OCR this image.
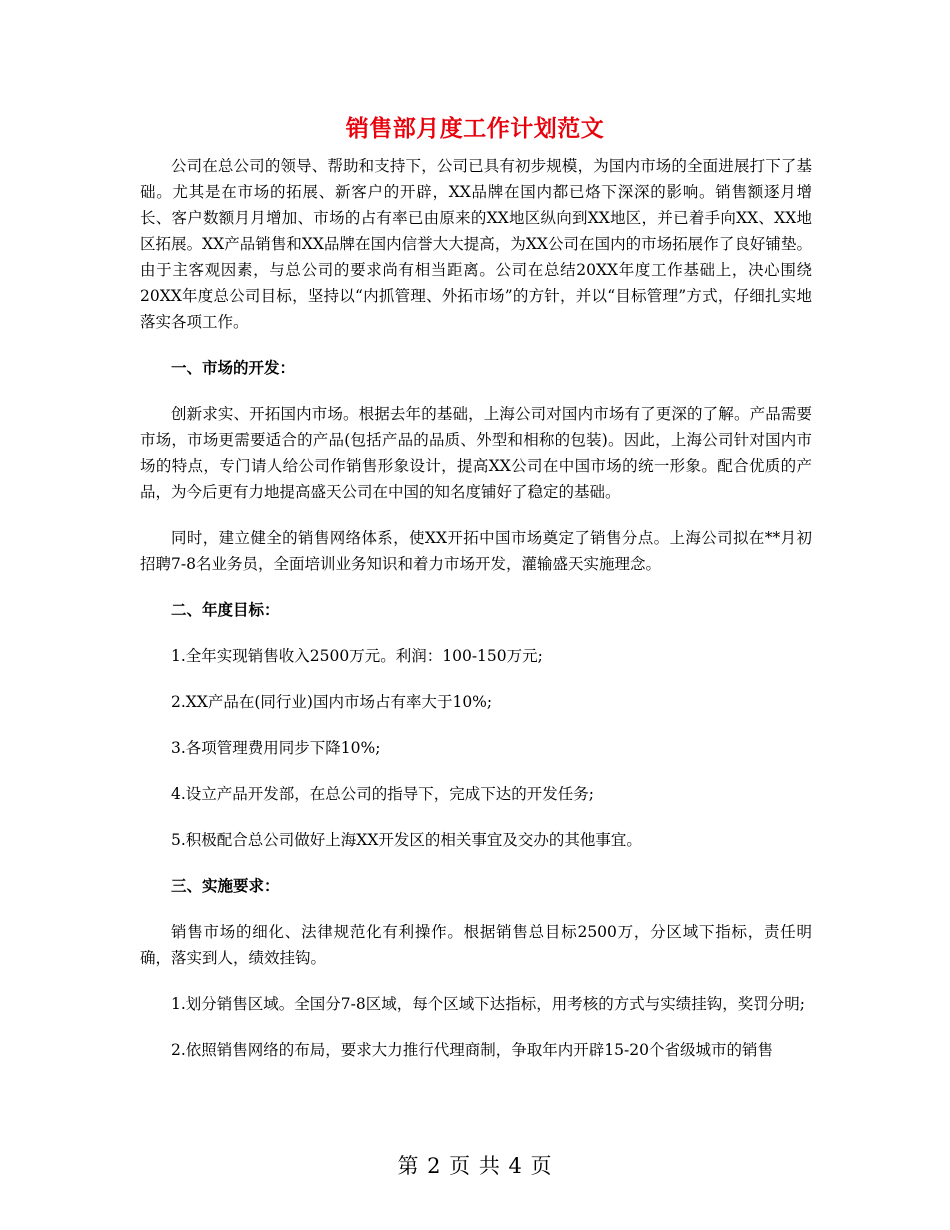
销售部月度工作计划范文

公司在总公司的领导、帮助和支持下，公司已具有初步规模，为国内市场的全面进展打下了基础。尤其是在市场的拓展、新客户的开辟，XX品牌在国内都已烙下深深的影响。销售额逐月增长、客户数额月月增加、市场的占有率已由原来的XX地区纵向到XX地区，并已着手向XX、XX地区拓展。XX产品销售和XX品牌在国内信誉大大提高，为XX公司在国内的市场拓展作了良好铺垫。由于主客观因素，与总公司的要求尚有相当距离。公司在总结20XX年度工作基础上，决心围绕20XX年度总公司目标，坚持以“内抓管理、外拓市场”的方针，并以“目标管理”方式，仔细扎实地落实各项工作。

一、市场的开发：

创新求实、开拓国内市场。根据去年的基础，上海公司对国内市场有了更深的了解。产品需要市场，市场更需要适合的产品(包括产品的品质、外型和相称的包装)。因此，上海公司针对国内市场的特点，专门请人给公司作销售形象设计，提高XX公司在中国市场的统一形象。配合优质的产品，为今后更有力地提高盛天公司在中国的知名度铺好了稳定的基础。

同时，建立健全的销售网络体系，使XX开拓中国市场奠定了销售分点。上海公司拟在**月初招聘7-8名业务员，全面培训业务知识和着力市场开发，灌输盛天实施理念。

二、年度目标：

1.全年实现销售收入2500万元。利润：100-150万元;

2.XX产品在(同行业)国内市场占有率大于10%;

3.各项管理费用同步下降10%;

4.设立产品开发部，在总公司的指导下，完成下达的开发任务;

5.积极配合总公司做好上海XX开发区的相关事宜及交办的其他事宜。

三、实施要求：

销售市场的细化、法律规范化有利操作。根据销售总目标2500万，分区域下指标，责任明确，落实到人，绩效挂钩。

1.划分销售区域。全国分7-8区域，每个区域下达指标，用考核的方式与实绩挂钩，奖罚分明;

2.依照销售网络的布局，要求大力推行代理商制，争取年内开辟15-20个省级城市的销售

第 2 页 共 4 页
